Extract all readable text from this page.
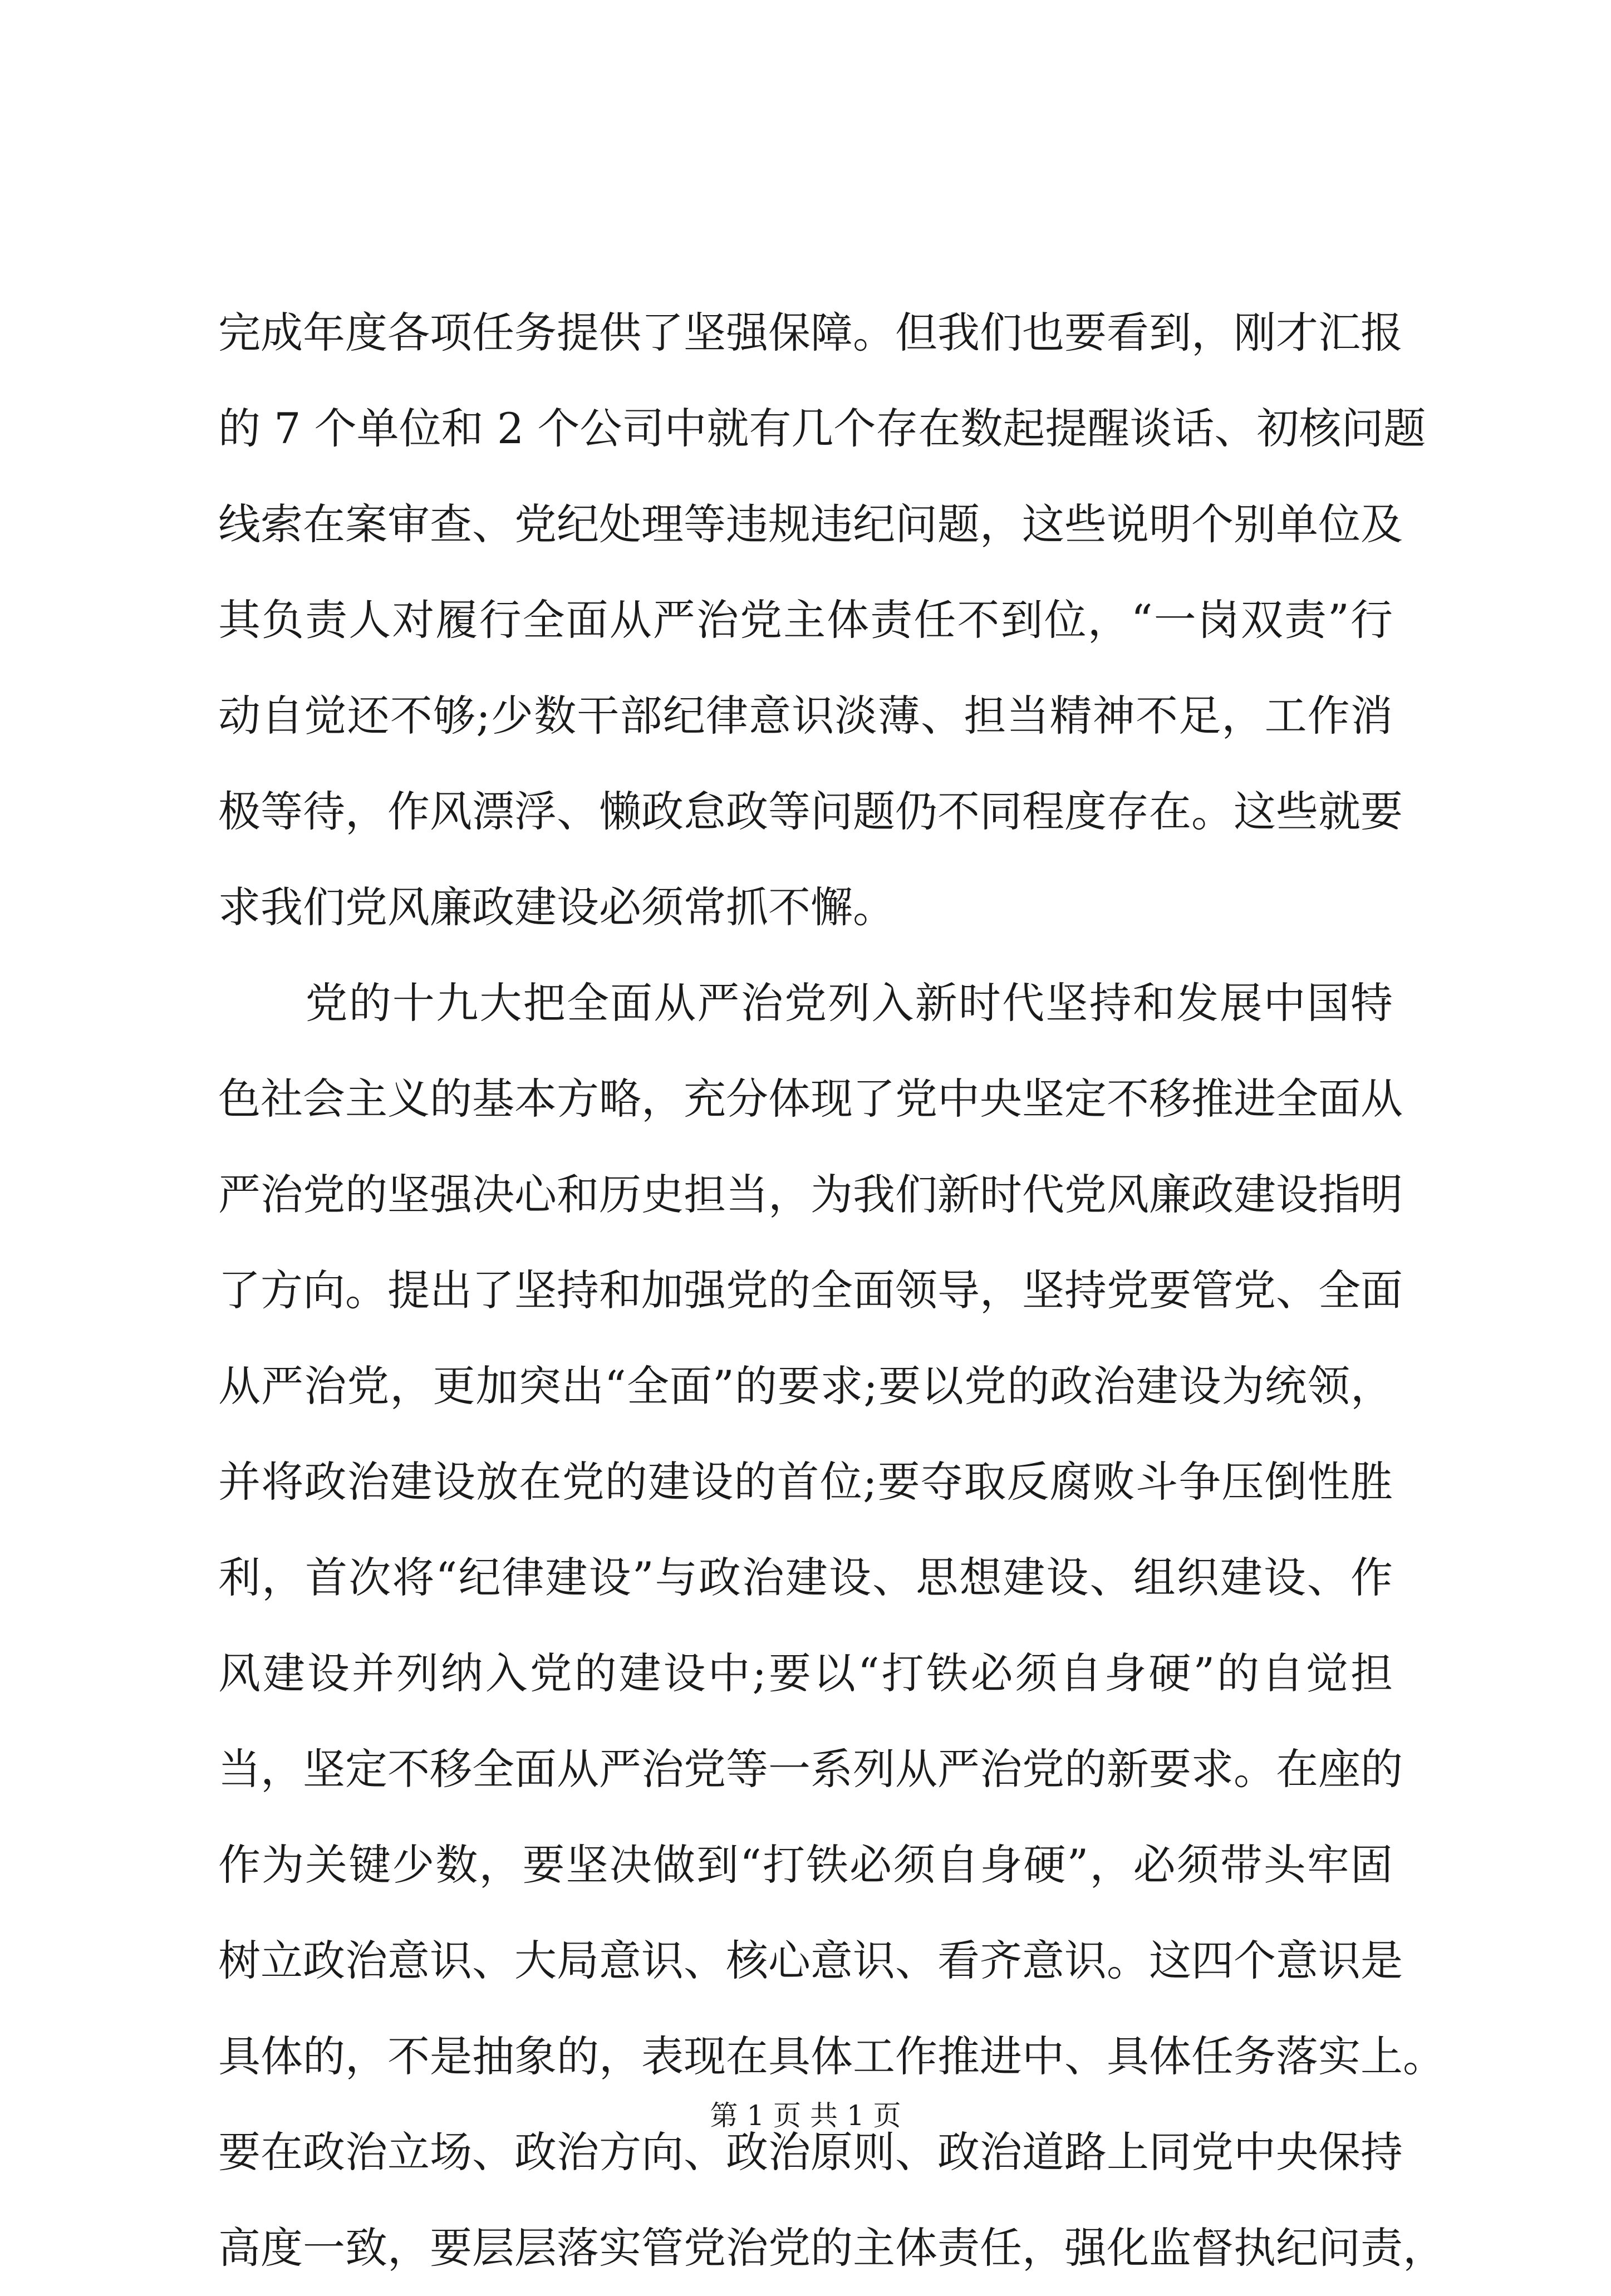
完成年度各项任务提供了坚强保障。但我们也要看到，刚才汇报
的 7 个单位和 2 个公司中就有几个存在数起提醒谈话、初核问题
线索在案审查、党纪处理等违规违纪问题，这些说明个别单位及
其负责人对履行全面从严治党主体责任不到位，“一岗双责”行
动自觉还不够;少数干部纪律意识淡薄、担当精神不足，工作消
极等待，作风漂浮、懒政怠政等问题仍不同程度存在。这些就要
求我们党风廉政建设必须常抓不懈。
　　党的十九大把全面从严治党列入新时代坚持和发展中国特
色社会主义的基本方略，充分体现了党中央坚定不移推进全面从
严治党的坚强决心和历史担当，为我们新时代党风廉政建设指明
了方向。提出了坚持和加强党的全面领导，坚持党要管党、全面
从严治党，更加突出“全面”的要求;要以党的政治建设为统领，
并将政治建设放在党的建设的首位;要夺取反腐败斗争压倒性胜
利，首次将“纪律建设”与政治建设、思想建设、组织建设、作
风建设并列纳入党的建设中;要以“打铁必须自身硬”的自觉担
当，坚定不移全面从严治党等一系列从严治党的新要求。在座的
作为关键少数，要坚决做到“打铁必须自身硬”，必须带头牢固
树立政治意识、大局意识、核心意识、看齐意识。这四个意识是
具体的，不是抽象的，表现在具体工作推进中、具体任务落实上。
要在政治立场、政治方向、政治原则、政治道路上同党中央保持
高度一致，要层层落实管党治党的主体责任，强化监督执纪问责，
第 1 页 共 1 页
